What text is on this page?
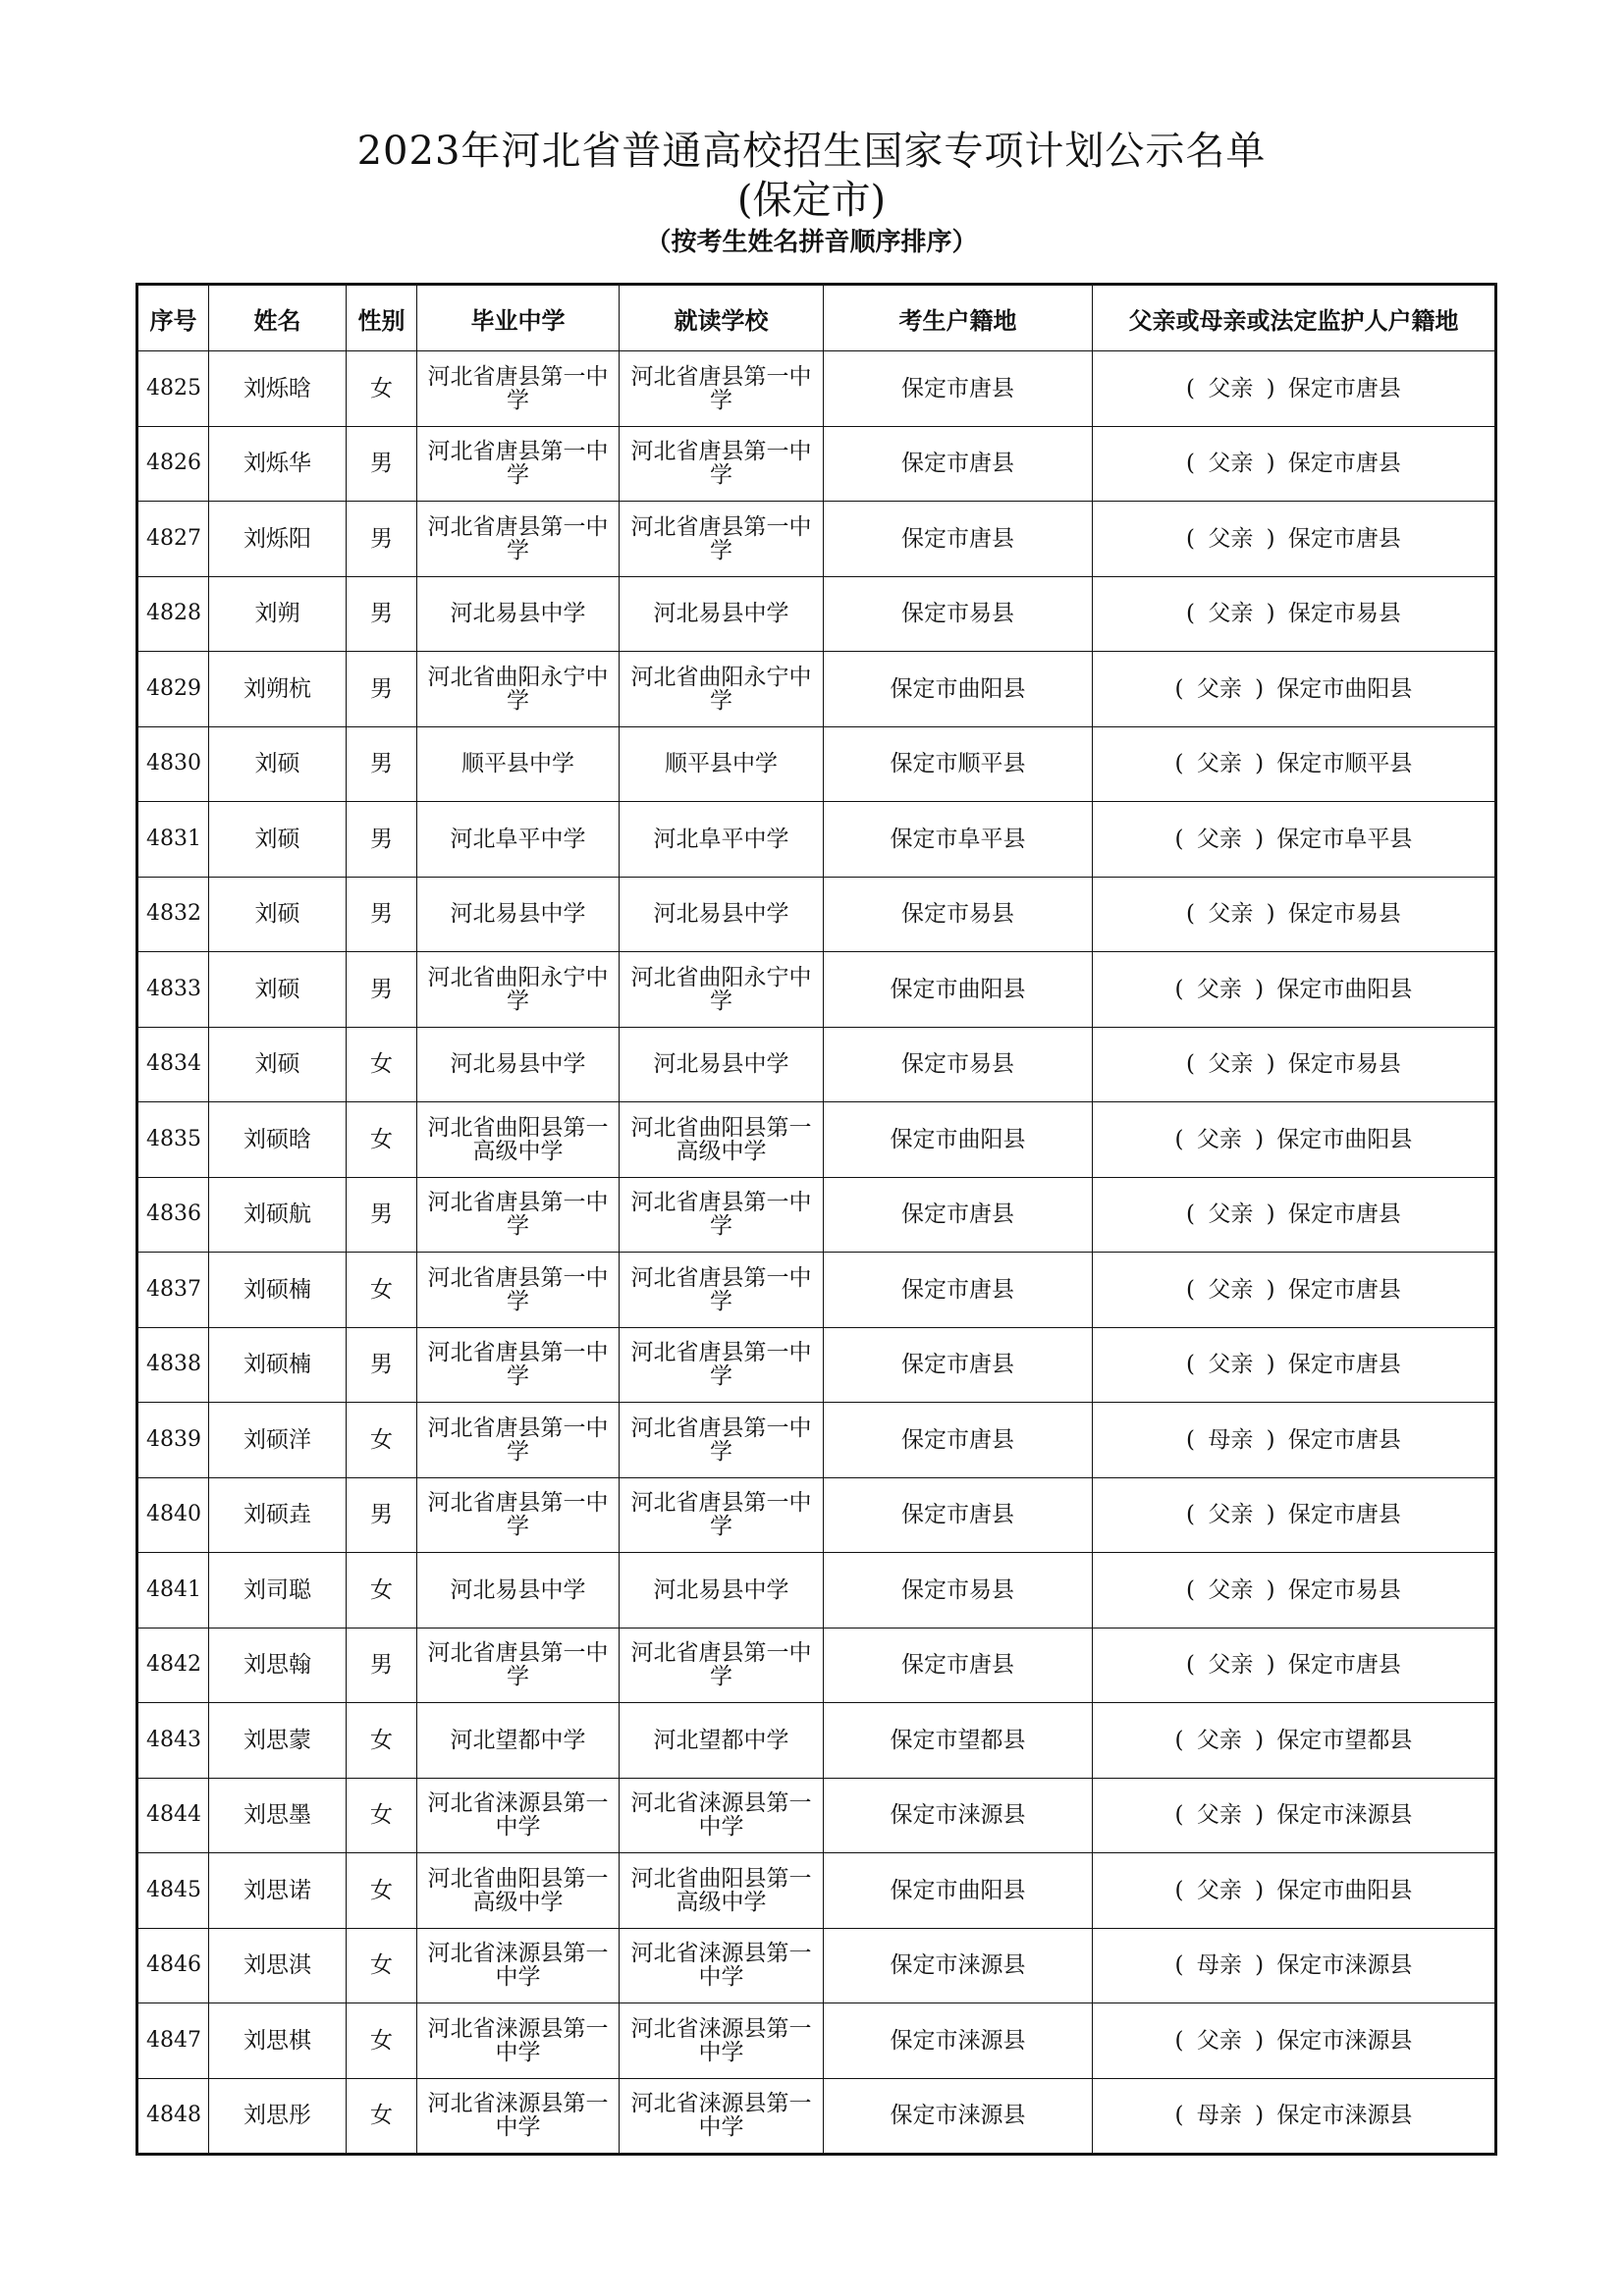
2023年河北省普通高校招生国家专项计划公示名单
(保定市)
（按考生姓名拼音顺序排序）
序号	姓名	性别	毕业中学	就读学校	考生户籍地	父亲或母亲或法定监护人户籍地
4825	刘烁晗	女	河北省唐县第一中学	河北省唐县第一中学	保定市唐县	( 父亲 ) 保定市唐县
4826	刘烁华	男	河北省唐县第一中学	河北省唐县第一中学	保定市唐县	( 父亲 ) 保定市唐县
4827	刘烁阳	男	河北省唐县第一中学	河北省唐县第一中学	保定市唐县	( 父亲 ) 保定市唐县
4828	刘朔	男	河北易县中学	河北易县中学	保定市易县	( 父亲 ) 保定市易县
4829	刘朔杭	男	河北省曲阳永宁中学	河北省曲阳永宁中学	保定市曲阳县	( 父亲 ) 保定市曲阳县
4830	刘硕	男	顺平县中学	顺平县中学	保定市顺平县	( 父亲 ) 保定市顺平县
4831	刘硕	男	河北阜平中学	河北阜平中学	保定市阜平县	( 父亲 ) 保定市阜平县
4832	刘硕	男	河北易县中学	河北易县中学	保定市易县	( 父亲 ) 保定市易县
4833	刘硕	男	河北省曲阳永宁中学	河北省曲阳永宁中学	保定市曲阳县	( 父亲 ) 保定市曲阳县
4834	刘硕	女	河北易县中学	河北易县中学	保定市易县	( 父亲 ) 保定市易县
4835	刘硕晗	女	河北省曲阳县第一高级中学	河北省曲阳县第一高级中学	保定市曲阳县	( 父亲 ) 保定市曲阳县
4836	刘硕航	男	河北省唐县第一中学	河北省唐县第一中学	保定市唐县	( 父亲 ) 保定市唐县
4837	刘硕楠	女	河北省唐县第一中学	河北省唐县第一中学	保定市唐县	( 父亲 ) 保定市唐县
4838	刘硕楠	男	河北省唐县第一中学	河北省唐县第一中学	保定市唐县	( 父亲 ) 保定市唐县
4839	刘硕洋	女	河北省唐县第一中学	河北省唐县第一中学	保定市唐县	( 母亲 ) 保定市唐县
4840	刘硕垚	男	河北省唐县第一中学	河北省唐县第一中学	保定市唐县	( 父亲 ) 保定市唐县
4841	刘司聪	女	河北易县中学	河北易县中学	保定市易县	( 父亲 ) 保定市易县
4842	刘思翰	男	河北省唐县第一中学	河北省唐县第一中学	保定市唐县	( 父亲 ) 保定市唐县
4843	刘思蒙	女	河北望都中学	河北望都中学	保定市望都县	( 父亲 ) 保定市望都县
4844	刘思墨	女	河北省涞源县第一中学	河北省涞源县第一中学	保定市涞源县	( 父亲 ) 保定市涞源县
4845	刘思诺	女	河北省曲阳县第一高级中学	河北省曲阳县第一高级中学	保定市曲阳县	( 父亲 ) 保定市曲阳县
4846	刘思淇	女	河北省涞源县第一中学	河北省涞源县第一中学	保定市涞源县	( 母亲 ) 保定市涞源县
4847	刘思棋	女	河北省涞源县第一中学	河北省涞源县第一中学	保定市涞源县	( 父亲 ) 保定市涞源县
4848	刘思彤	女	河北省涞源县第一中学	河北省涞源县第一中学	保定市涞源县	( 母亲 ) 保定市涞源县
